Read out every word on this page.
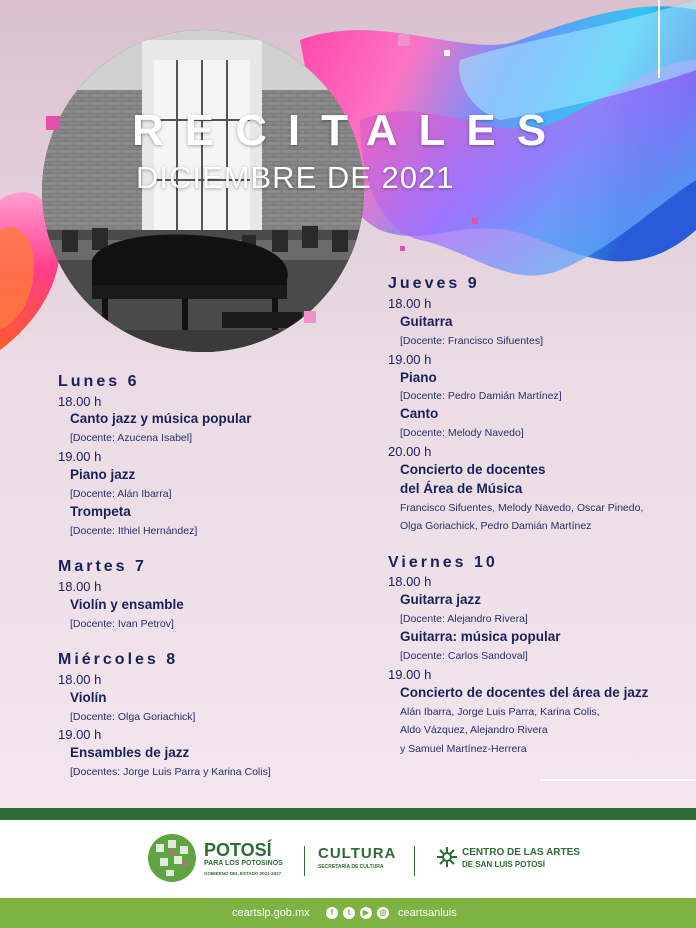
RECITALES
DICIEMBRE DE 2021
Lunes 6
18.00 h
Canto jazz y música popular
[Docente: Azucena Isabel]
19.00 h
Piano jazz
[Docente: Alán Ibarra]
Trompeta
[Docente: Ithiel Hernández]
Martes 7
18.00 h
Violín y ensamble
[Docente: Ivan Petrov]
Miércoles 8
18.00 h
Violín
[Docente: Olga Goriachick]
19.00 h
Ensambles de jazz
[Docentes: Jorge Luis Parra y Karina Colis]
Jueves 9
18.00 h
Guitarra
[Docente: Francisco Sifuentes]
19.00 h
Piano
[Docente: Pedro Damián Martínez]
Canto
[Docente: Melody Navedo]
20.00 h
Concierto de docentes
del Área de Música
Francisco Sifuentes, Melody Navedo, Oscar Pinedo,
Olga Goriachick, Pedro Damián Martínez
Viernes 10
18.00 h
Guitarra jazz
[Docente: Alejandro Rivera]
Guitarra: música popular
[Docente: Carlos Sandoval]
19.00 h
Concierto de docentes del área de jazz
Alán Ibarra, Jorge Luis Parra, Karina Colis,
Aldo Vázquez, Alejandro Rivera
y Samuel Martínez-Herrera
POTOSÍ
PARA LOS POTOSINOS
GOBIERNO DEL ESTADO 2021-2027
CULTURA
SECRETARÍA DE CULTURA
CENTRO DE LAS ARTES
DE SAN LUIS POTOSÍ
ceartslp.gob.mx	f	t	▶	◎ ceartsanluis
